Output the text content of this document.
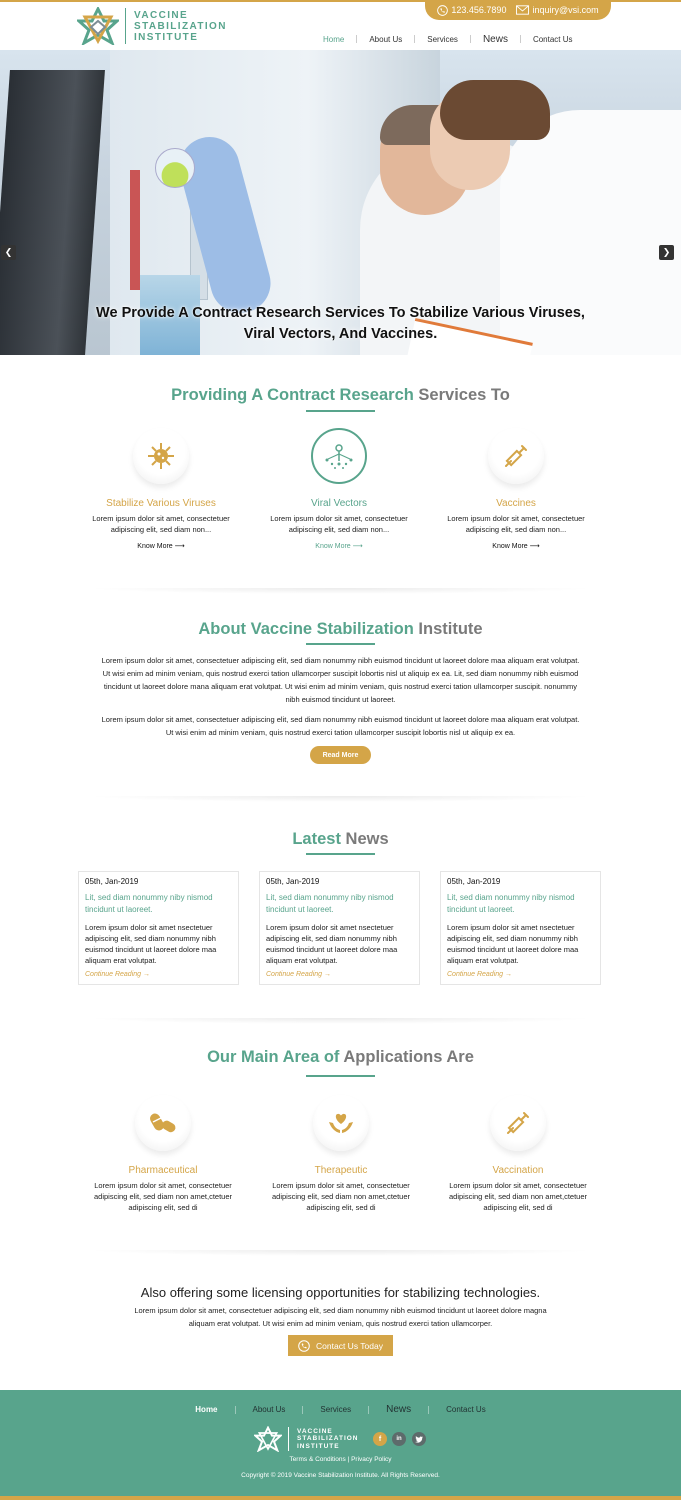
123.456.7890	inquiry@vsi.com
VACCINE
STABILIZATION
INSTITUTE	Home	About Us	Services	News	Contact Us
We Provide A Contract Research Services To Stabilize Various Viruses,
Viral Vectors, And Vaccines.
❮	❯
Providing A Contract Research Services To
Stabilize Various Viruses

Lorem ipsum dolor sit amet, consectetuer adipiscing elit, sed diam non...

Know More ⟶
Viral Vectors

Lorem ipsum dolor sit amet, consectetuer adipiscing elit, sed diam non...

Know More ⟶
Vaccines

Lorem ipsum dolor sit amet, consectetuer adipiscing elit, sed diam non...

Know More ⟶
About Vaccine Stabilization Institute

Lorem ipsum dolor sit amet, consectetuer adipiscing elit, sed diam nonummy nibh euismod tincidunt ut laoreet dolore maa aliquam erat volutpat. Ut wisi enim ad minim veniam, quis nostrud exerci tation ullamcorper suscipit lobortis nisl ut aliquip ex ea. Lit, sed diam nonummy nibh euismod tincidunt ut laoreet dolore mana aliquam erat volutpat. Ut wisi enim ad minim veniam, quis nostrud exerci tation ullamcorper suscipit. nonummy nibh euismod tincidunt ut laoreet.

Lorem ipsum dolor sit amet, consectetuer adipiscing elit, sed diam nonummy nibh euismod tincidunt ut laoreet dolore maa aliquam erat volutpat. Ut wisi enim ad minim veniam, quis nostrud exerci tation ullamcorper suscipit lobortis nisl ut aliquip ex ea.

Read More
Latest News
05th, Jan-2019
Lit, sed diam nonummy niby nismod tincidunt ut laoreet.
Lorem ipsum dolor sit amet nsectetuer adipiscing elit, sed diam nonummy nibh euismod tincidunt ut laoreet dolore maa aliquam erat volutpat.
Continue Reading →
05th, Jan-2019
Lit, sed diam nonummy niby nismod tincidunt ut laoreet.
Lorem ipsum dolor sit amet nsectetuer adipiscing elit, sed diam nonummy nibh euismod tincidunt ut laoreet dolore maa aliquam erat volutpat.
Continue Reading →
05th, Jan-2019
Lit, sed diam nonummy niby nismod tincidunt ut laoreet.
Lorem ipsum dolor sit amet nsectetuer adipiscing elit, sed diam nonummy nibh euismod tincidunt ut laoreet dolore maa aliquam erat volutpat.
Continue Reading →
Our Main Area of Applications Are
Pharmaceutical

Lorem ipsum dolor sit amet, consectetuer adipiscing elit, sed diam non amet,ctetuer adipiscing elit, sed di

Therapeutic

Lorem ipsum dolor sit amet, consectetuer adipiscing elit, sed diam non amet,ctetuer adipiscing elit, sed di

Vaccination

Lorem ipsum dolor sit amet, consectetuer adipiscing elit, sed diam non amet,ctetuer adipiscing elit, sed di

Also offering some licensing opportunities for stabilizing technologies.

Lorem ipsum dolor sit amet, consectetuer adipiscing elit, sed diam nonummy nibh euismod tincidunt ut laoreet dolore magna aliquam erat volutpat. Ut wisi enim ad minim veniam, quis nostrud exerci tation ullamcorper.

Contact Us Today
Home	About Us	Services	News	Contact Us
VACCINE
STABILIZATION
INSTITUTE
f	in
Terms & Conditions | Privacy Policy
Copyright © 2019 Vaccine Stabilization Institute. All Rights Reserved.
